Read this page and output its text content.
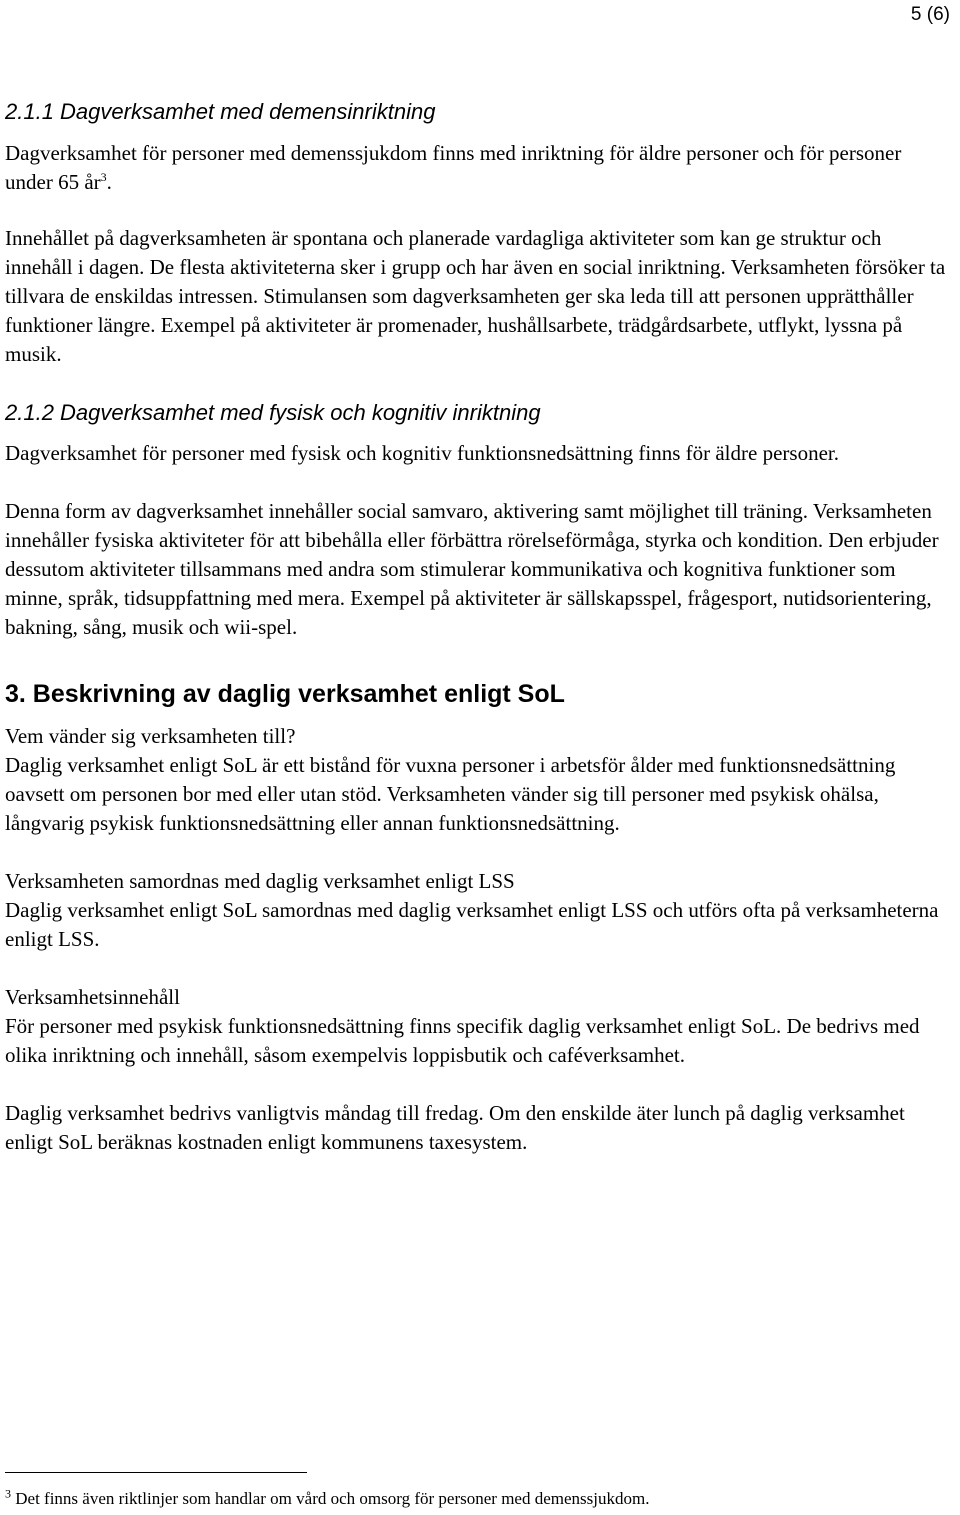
5 (6)

2.1.1 Dagverksamhet med demensinriktning

Dagverksamhet för personer med demenssjukdom finns med inriktning för äldre personer och för personer under 65 $år^3$.

Innehållet på dagverksamheten är spontana och planerade vardagliga aktiviteter som kan ge struktur och innehåll i dagen. De flesta aktiviteterna sker i grupp och har även en social inriktning. Verksamheten försöker ta tillvara de enskildas intressen. Stimulansen som dagverksamheten ger ska leda till att personen upprätthåller funktioner längre. Exempel på aktiviteter är promenader, hushållsarbete, trädgårdsarbete, utflykt, lyssna på musik.

2.1.2 Dagverksamhet med fysisk och kognitiv inriktning

Dagverksamhet för personer med fysisk och kognitiv funktionsnedsättning finns för äldre personer.

Denna form av dagverksamhet innehåller social samvaro, aktivering samt möjlighet till träning. Verksamheten innehåller fysiska aktiviteter för att bibehålla eller förbättra rörelseförmåga, styrka och kondition. Den erbjuder dessutom aktiviteter tillsammans med andra som stimulerar kommunikativa och kognitiva funktioner som minne, språk, tidsuppfattning med mera. Exempel på aktiviteter är sällskapsspel, frågesport, nutidsorientering, bakning, sång, musik och wii-spel.

3. Beskrivning av daglig verksamhet enligt SoL

Vem vänder sig verksamheten till?

Daglig verksamhet enligt SoL är ett bistånd för vuxna personer i arbetsför ålder med funktionsnedsättning oavsett om personen bor med eller utan stöd. Verksamheten vänder sig till personer med psykisk ohälsa, långvarig psykisk funktionsnedsättning eller annan funktionsnedsättning.

Verksamheten samordnas med daglig verksamhet enligt LSS

Daglig verksamhet enligt SoL samordnas med daglig verksamhet enligt LSS och utförs ofta på verksamheterna enligt LSS.

Verksamhetsinnehåll

För personer med psykisk funktionsnedsättning finns specifik daglig verksamhet enligt SoL. De bedrivs med olika inriktning och innehåll, såsom exempelvis loppisbutik och caféverksamhet.

Daglig verksamhet bedrivs vanligtvis måndag till fredag. Om den enskilde äter lunch på daglig verksamhet enligt SoL beräknas kostnaden enligt kommunens taxesystem.

$^3$ Det finns även riktlinjer som handlar om vård och omsorg för personer med demenssjukdom.
